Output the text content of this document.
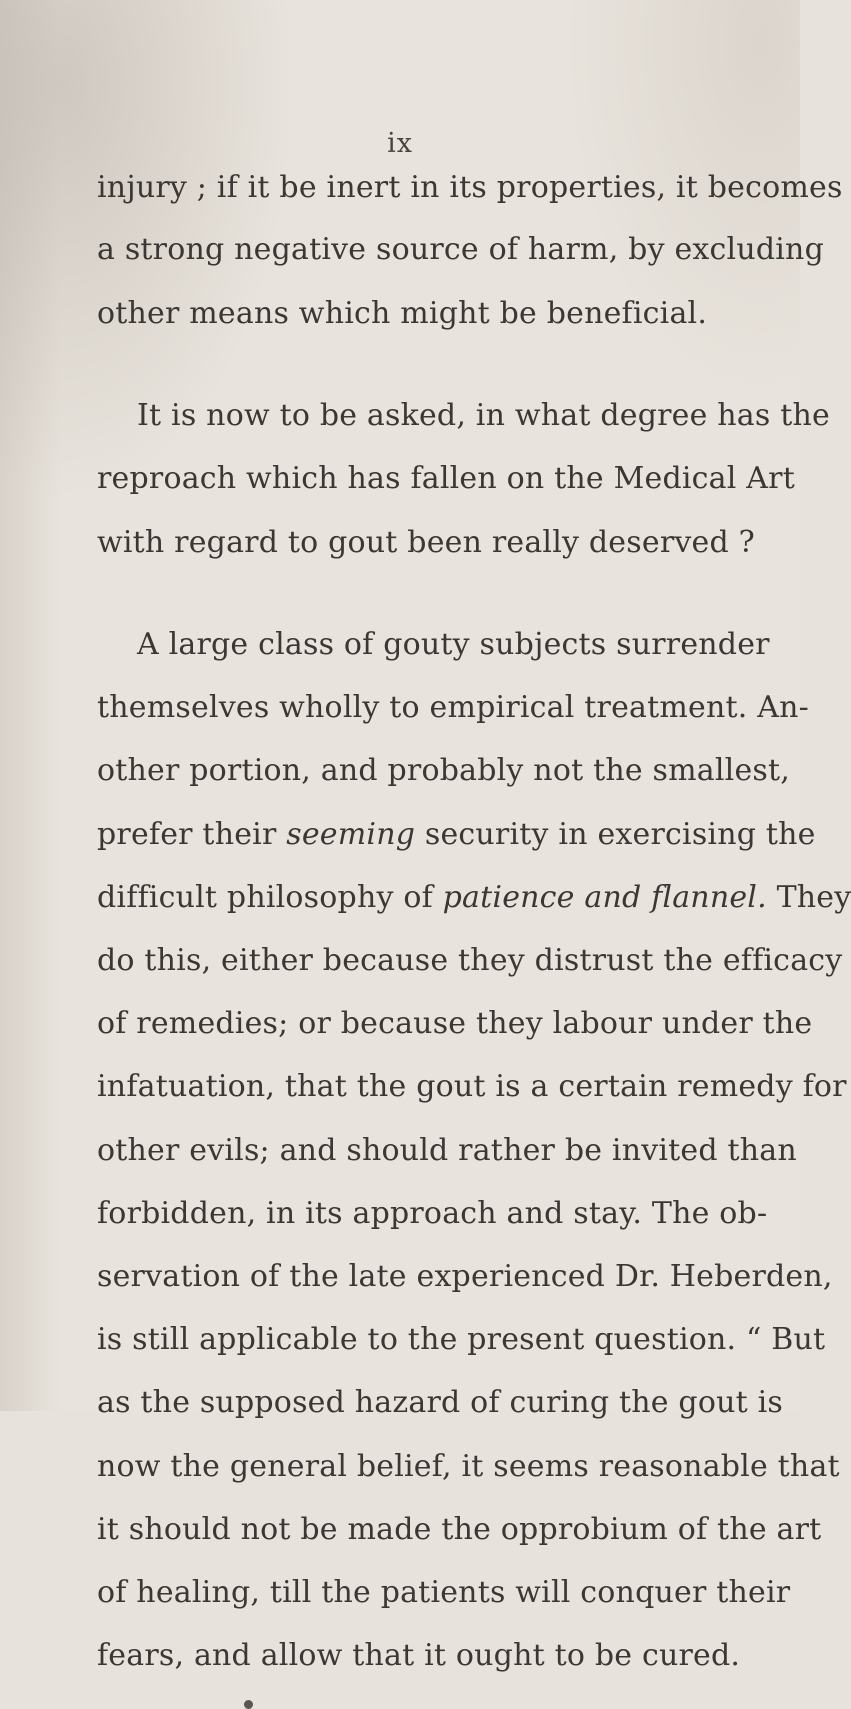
ix
injury ; if it be inert in its properties, it becomes
a strong negative source of harm, by excluding
other means which might be beneficial.
It is now to be asked, in what degree has the
reproach which has fallen on the Medical Art
with regard to gout been really deserved ?
A large class of gouty subjects surrender
themselves wholly to empirical treatment. An-
other portion, and probably not the smallest,
prefer their seeming security in exercising the
difficult philosophy of patience and flannel. They
do this, either because they distrust the efficacy
of remedies; or because they labour under the
infatuation, that the gout is a certain remedy for
other evils; and should rather be invited than
forbidden, in its approach and stay. The ob-
servation of the late experienced Dr. Heberden,
is still applicable to the present question. “ But
as the supposed hazard of curing the gout is
now the general belief, it seems reasonable that
it should not be made the opprobium of the art
of healing, till the patients will conquer their
fears, and allow that it ought to be cured.
